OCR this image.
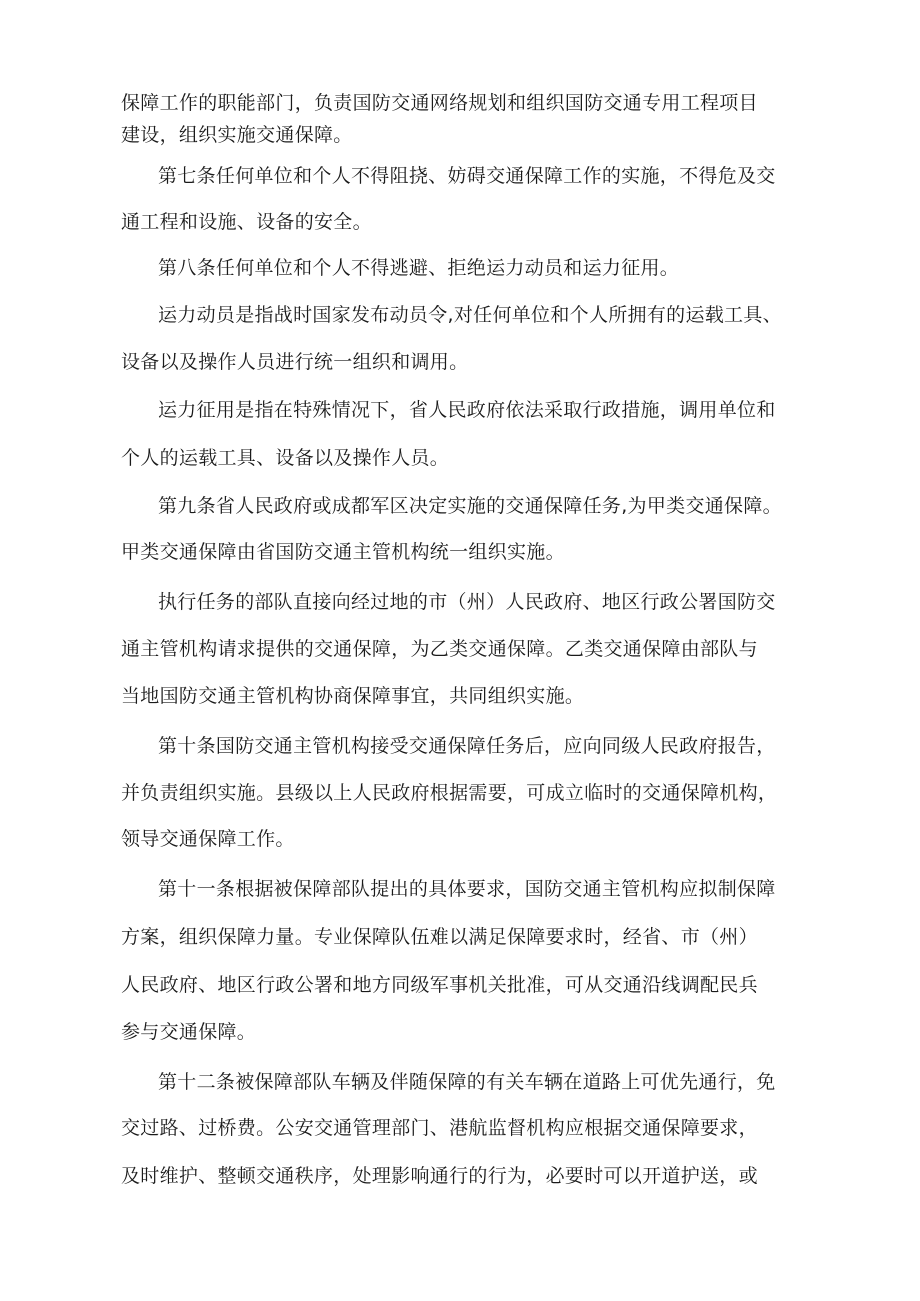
保障工作的职能部门，负责国防交通网络规划和组织国防交通专用工程项目
建设，组织实施交通保障。
第七条任何单位和个人不得阻挠、妨碍交通保障工作的实施，不得危及交
通工程和设施、设备的安全。
第八条任何单位和个人不得逃避、拒绝运力动员和运力征用。
运力动员是指战时国家发布动员令,对任何单位和个人所拥有的运载工具、
设备以及操作人员进行统一组织和调用。
运力征用是指在特殊情况下，省人民政府依法采取行政措施，调用单位和
个人的运载工具、设备以及操作人员。
第九条省人民政府或成都军区决定实施的交通保障任务,为甲类交通保障。
甲类交通保障由省国防交通主管机构统一组织实施。
执行任务的部队直接向经过地的市（州）人民政府、地区行政公署国防交
通主管机构请求提供的交通保障，为乙类交通保障。乙类交通保障由部队与
当地国防交通主管机构协商保障事宜，共同组织实施。
第十条国防交通主管机构接受交通保障任务后，应向同级人民政府报告，
并负责组织实施。县级以上人民政府根据需要，可成立临时的交通保障机构，
领导交通保障工作。
第十一条根据被保障部队提出的具体要求，国防交通主管机构应拟制保障
方案，组织保障力量。专业保障队伍难以满足保障要求时，经省、市（州）
人民政府、地区行政公署和地方同级军事机关批准，可从交通沿线调配民兵
参与交通保障。
第十二条被保障部队车辆及伴随保障的有关车辆在道路上可优先通行，免
交过路、过桥费。公安交通管理部门、港航监督机构应根据交通保障要求，
及时维护、整顿交通秩序，处理影响通行的行为，必要时可以开道护送，或
